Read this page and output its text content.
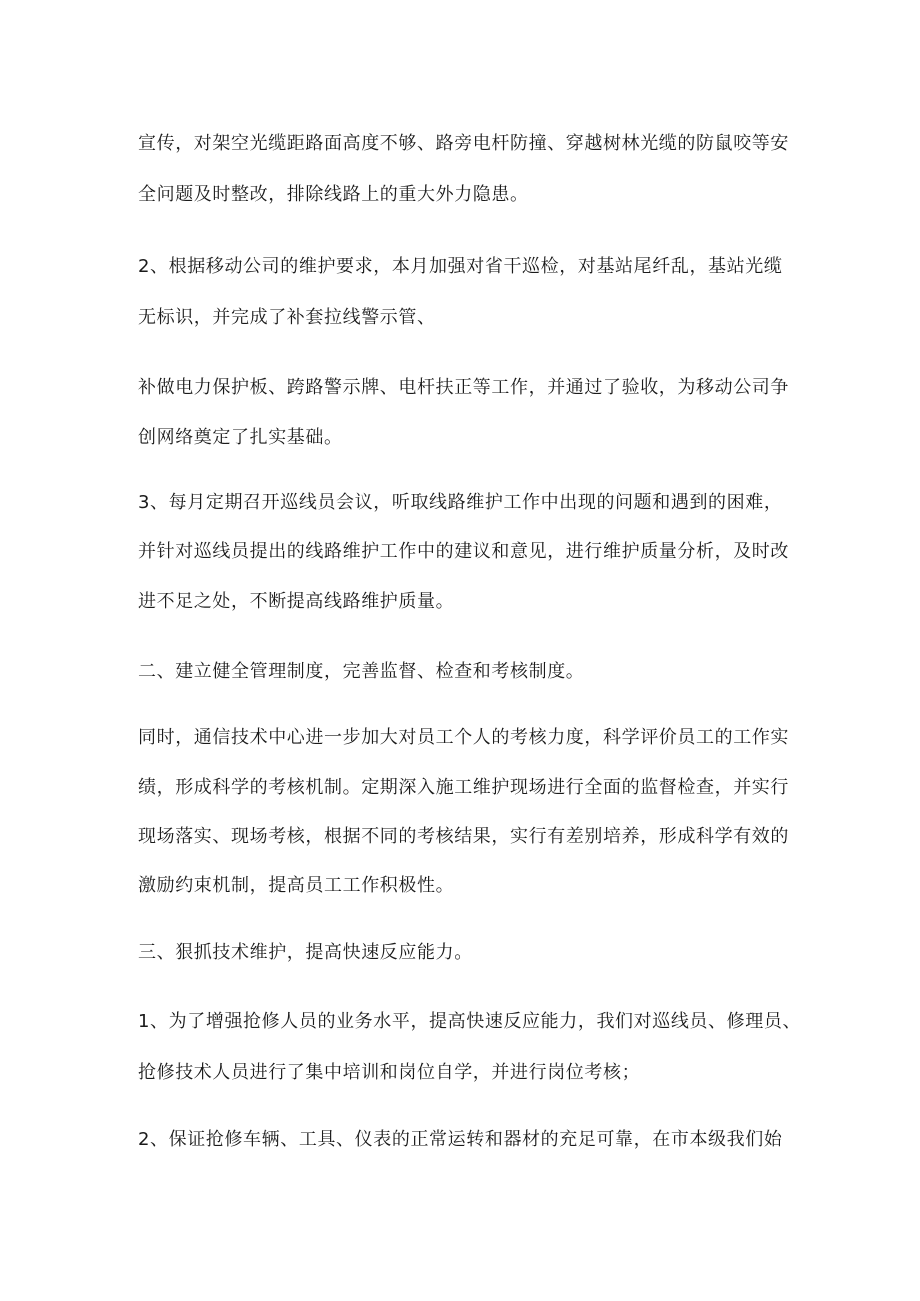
宣传，对架空光缆距路面高度不够、路旁电杆防撞、穿越树林光缆的防鼠咬等安

全问题及时整改，排除线路上的重大外力隐患。

2、根据移动公司的维护要求，本月加强对省干巡检，对基站尾纤乱，基站光缆

无标识，并完成了补套拉线警示管、

补做电力保护板、跨路警示牌、电杆扶正等工作，并通过了验收，为移动公司争

创网络奠定了扎实基础。

3、每月定期召开巡线员会议，听取线路维护工作中出现的问题和遇到的困难，

并针对巡线员提出的线路维护工作中的建议和意见，进行维护质量分析，及时改

进不足之处，不断提高线路维护质量。

二、建立健全管理制度，完善监督、检查和考核制度。

同时，通信技术中心进一步加大对员工个人的考核力度，科学评价员工的工作实

绩，形成科学的考核机制。定期深入施工维护现场进行全面的监督检查，并实行

现场落实、现场考核，根据不同的考核结果，实行有差别培养，形成科学有效的

激励约束机制，提高员工工作积极性。

三、狠抓技术维护，提高快速反应能力。

1、为了增强抢修人员的业务水平，提高快速反应能力，我们对巡线员、修理员、

抢修技术人员进行了集中培训和岗位自学，并进行岗位考核；

2、保证抢修车辆、工具、仪表的正常运转和器材的充足可靠，在市本级我们始
